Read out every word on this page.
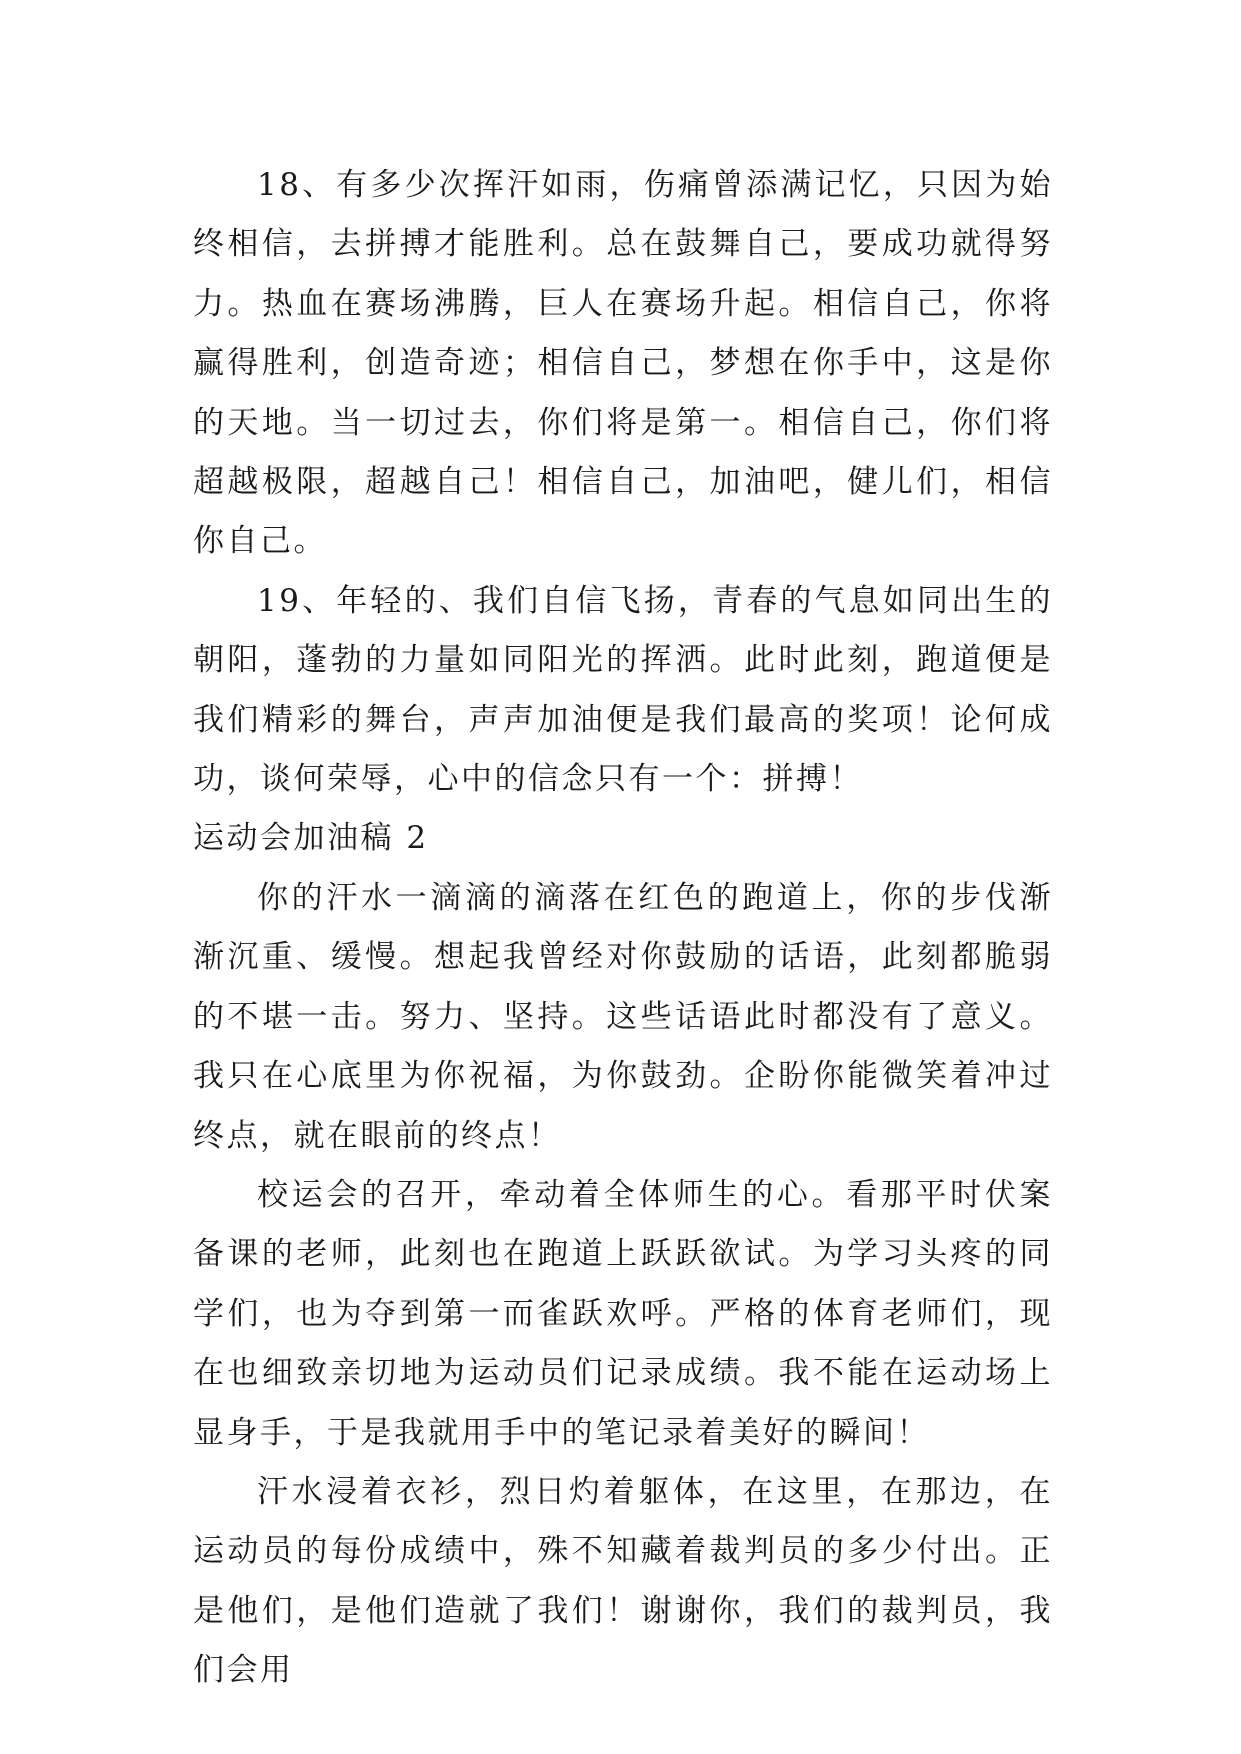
18、有多少次挥汗如雨，伤痛曾添满记忆，只因为始终相信，去拼搏才能胜利。总在鼓舞自己，要成功就得努力。热血在赛场沸腾，巨人在赛场升起。相信自己，你将赢得胜利，创造奇迹；相信自己，梦想在你手中，这是你的天地。当一切过去，你们将是第一。相信自己，你们将超越极限，超越自己！相信自己，加油吧，健儿们，相信你自己。

19、年轻的、我们自信飞扬，青春的气息如同出生的朝阳，蓬勃的力量如同阳光的挥洒。此时此刻，跑道便是我们精彩的舞台，声声加油便是我们最高的奖项！论何成功，谈何荣辱，心中的信念只有一个：拼搏！

运动会加油稿 2

你的汗水一滴滴的滴落在红色的跑道上，你的步伐渐渐沉重、缓慢。想起我曾经对你鼓励的话语，此刻都脆弱的不堪一击。努力、坚持。这些话语此时都没有了意义。我只在心底里为你祝福，为你鼓劲。企盼你能微笑着冲过终点，就在眼前的终点！

校运会的召开，牵动着全体师生的心。看那平时伏案备课的老师，此刻也在跑道上跃跃欲试。为学习头疼的同学们，也为夺到第一而雀跃欢呼。严格的体育老师们，现在也细致亲切地为运动员们记录成绩。我不能在运动场上显身手，于是我就用手中的笔记录着美好的瞬间！

汗水浸着衣衫，烈日灼着躯体，在这里，在那边，在运动员的每份成绩中，殊不知藏着裁判员的多少付出。正是他们，是他们造就了我们！谢谢你，我们的裁判员，我们会用
